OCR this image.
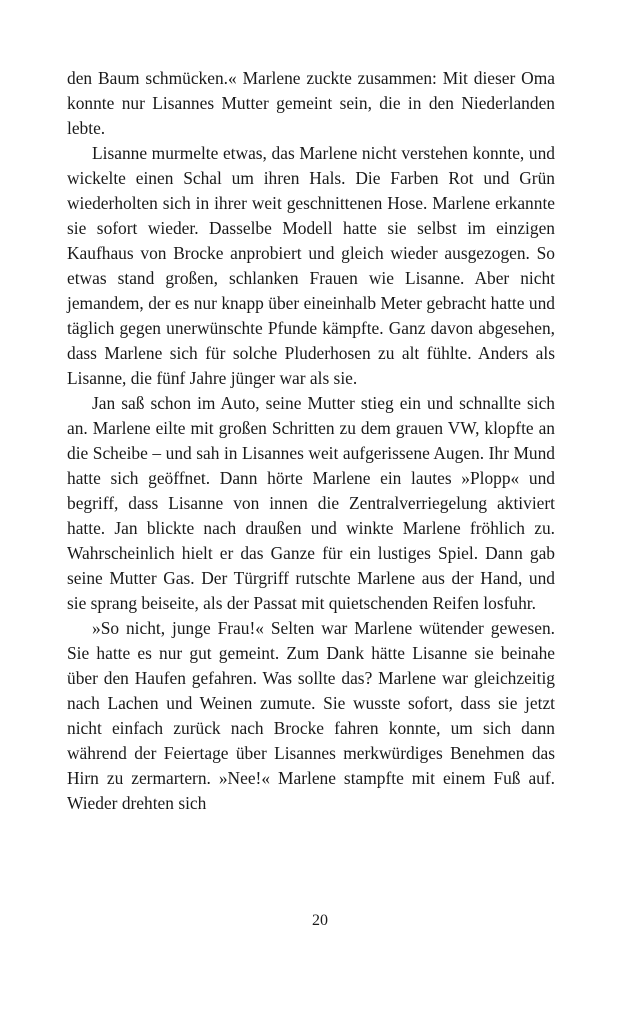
den Baum schmücken.« Marlene zuckte zusammen: Mit dieser Oma konnte nur Lisannes Mutter gemeint sein, die in den Niederlanden lebte.

Lisanne murmelte etwas, das Marlene nicht verstehen konnte, und wickelte einen Schal um ihren Hals. Die Farben Rot und Grün wiederholten sich in ihrer weit geschnittenen Hose. Marlene erkannte sie sofort wieder. Dasselbe Modell hatte sie selbst im einzigen Kaufhaus von Brocke anprobiert und gleich wieder ausgezogen. So etwas stand großen, schlanken Frauen wie Lisanne. Aber nicht jemandem, der es nur knapp über eineinhalb Meter gebracht hatte und täglich gegen unerwünschte Pfunde kämpfte. Ganz davon abgesehen, dass Marlene sich für solche Pluderhosen zu alt fühlte. Anders als Lisanne, die fünf Jahre jünger war als sie.

Jan saß schon im Auto, seine Mutter stieg ein und schnallte sich an. Marlene eilte mit großen Schritten zu dem grauen VW, klopfte an die Scheibe – und sah in Lisannes weit aufgerissene Augen. Ihr Mund hatte sich geöffnet. Dann hörte Marlene ein lautes »Plopp« und begriff, dass Lisanne von innen die Zentralverriegelung aktiviert hatte. Jan blickte nach draußen und winkte Marlene fröhlich zu. Wahrscheinlich hielt er das Ganze für ein lustiges Spiel. Dann gab seine Mutter Gas. Der Türgriff rutschte Marlene aus der Hand, und sie sprang beiseite, als der Passat mit quietschenden Reifen losfuhr.

»So nicht, junge Frau!« Selten war Marlene wütender gewesen. Sie hatte es nur gut gemeint. Zum Dank hätte Lisanne sie beinahe über den Haufen gefahren. Was sollte das? Marlene war gleichzeitig nach Lachen und Weinen zumute. Sie wusste sofort, dass sie jetzt nicht einfach zurück nach Brocke fahren konnte, um sich dann während der Feiertage über Lisannes merkwürdiges Benehmen das Hirn zu zermartern. »Nee!« Marlene stampfte mit einem Fuß auf. Wieder drehten sich

20
